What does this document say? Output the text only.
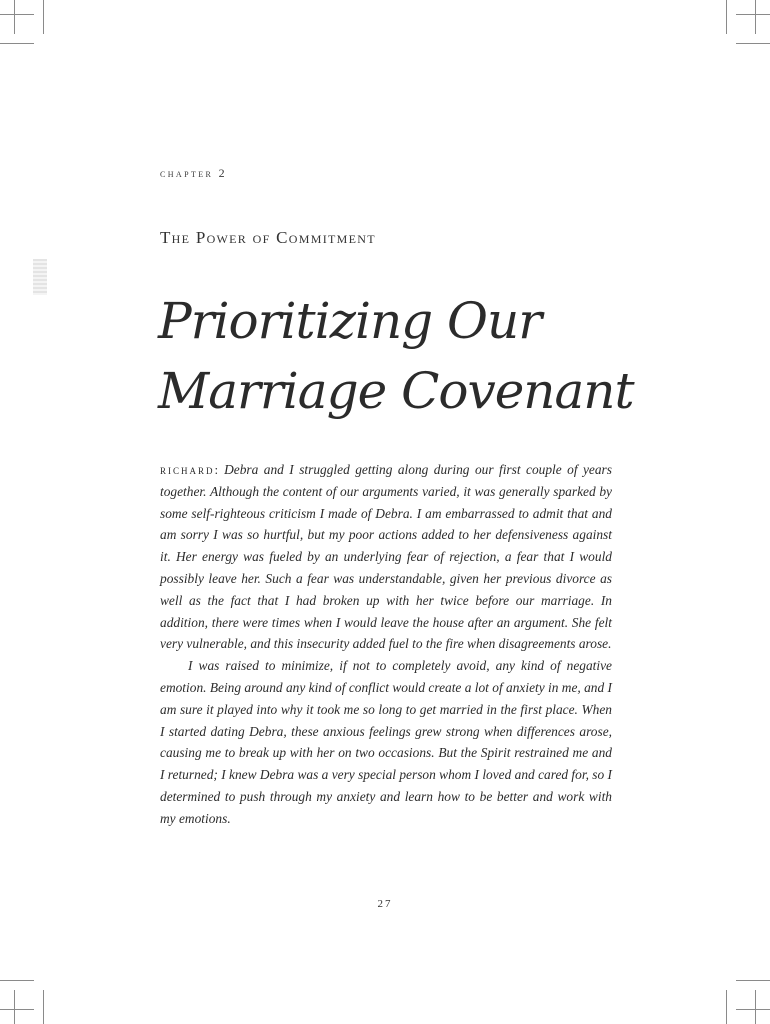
chapter 2
The Power of Commitment
Prioritizing Our
Marriage Covenant

richard: Debra and I struggled getting along during our first couple of years together. Although the content of our arguments varied, it was generally sparked by some self-righteous criticism I made of Debra. I am embarrassed to admit that and am sorry I was so hurtful, but my poor actions added to her defensiveness against it. Her energy was fueled by an underlying fear of rejection, a fear that I would possibly leave her. Such a fear was understandable, given her previous divorce as well as the fact that I had broken up with her twice before our marriage. In addition, there were times when I would leave the house after an argument. She felt very vulnerable, and this insecurity added fuel to the fire when disagreements arose.

I was raised to minimize, if not to completely avoid, any kind of negative emotion. Being around any kind of conflict would create a lot of anxiety in me, and I am sure it played into why it took me so long to get married in the first place. When I started dating Debra, these anxious feelings grew strong when differences arose, causing me to break up with her on two occasions. But the Spirit restrained me and I returned; I knew Debra was a very special person whom I loved and cared for, so I determined to push through my anxiety and learn how to be better and work with my emotions.

27
